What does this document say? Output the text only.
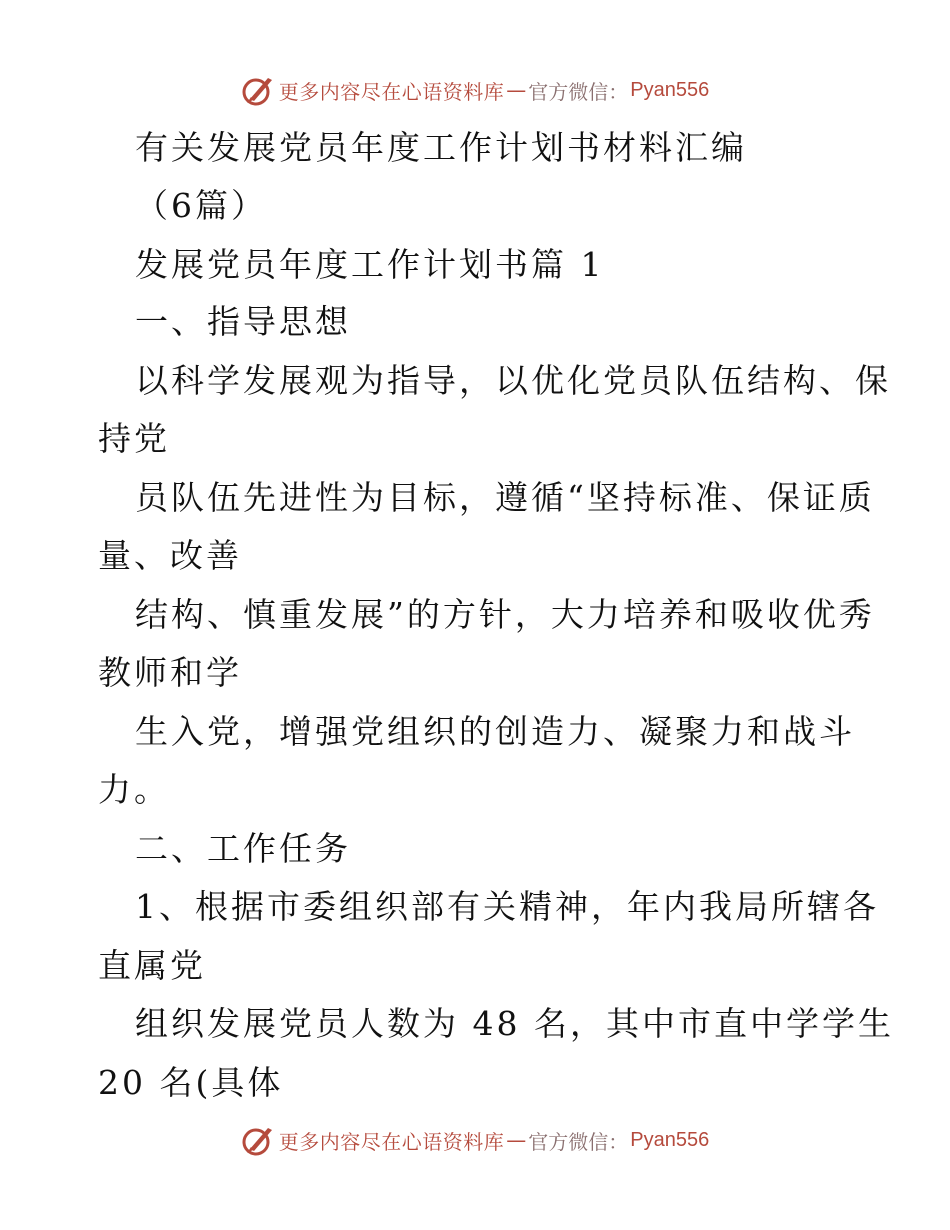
更多内容尽在心语资料库 — 官方微信： Pyan556
有关发展党员年度工作计划书材料汇编
（6篇）
发展党员年度工作计划书篇 1
一、指导思想
以科学发展观为指导，以优化党员队伍结构、保
持党
员队伍先进性为目标，遵循“坚持标准、保证质
量、改善
结构、慎重发展”的方针，大力培养和吸收优秀
教师和学
生入党，增强党组织的创造力、凝聚力和战斗
力。
二、工作任务
1、根据市委组织部有关精神，年内我局所辖各
直属党
组织发展党员人数为 48 名，其中市直中学学生
20 名(具体
更多内容尽在心语资料库 — 官方微信： Pyan556
